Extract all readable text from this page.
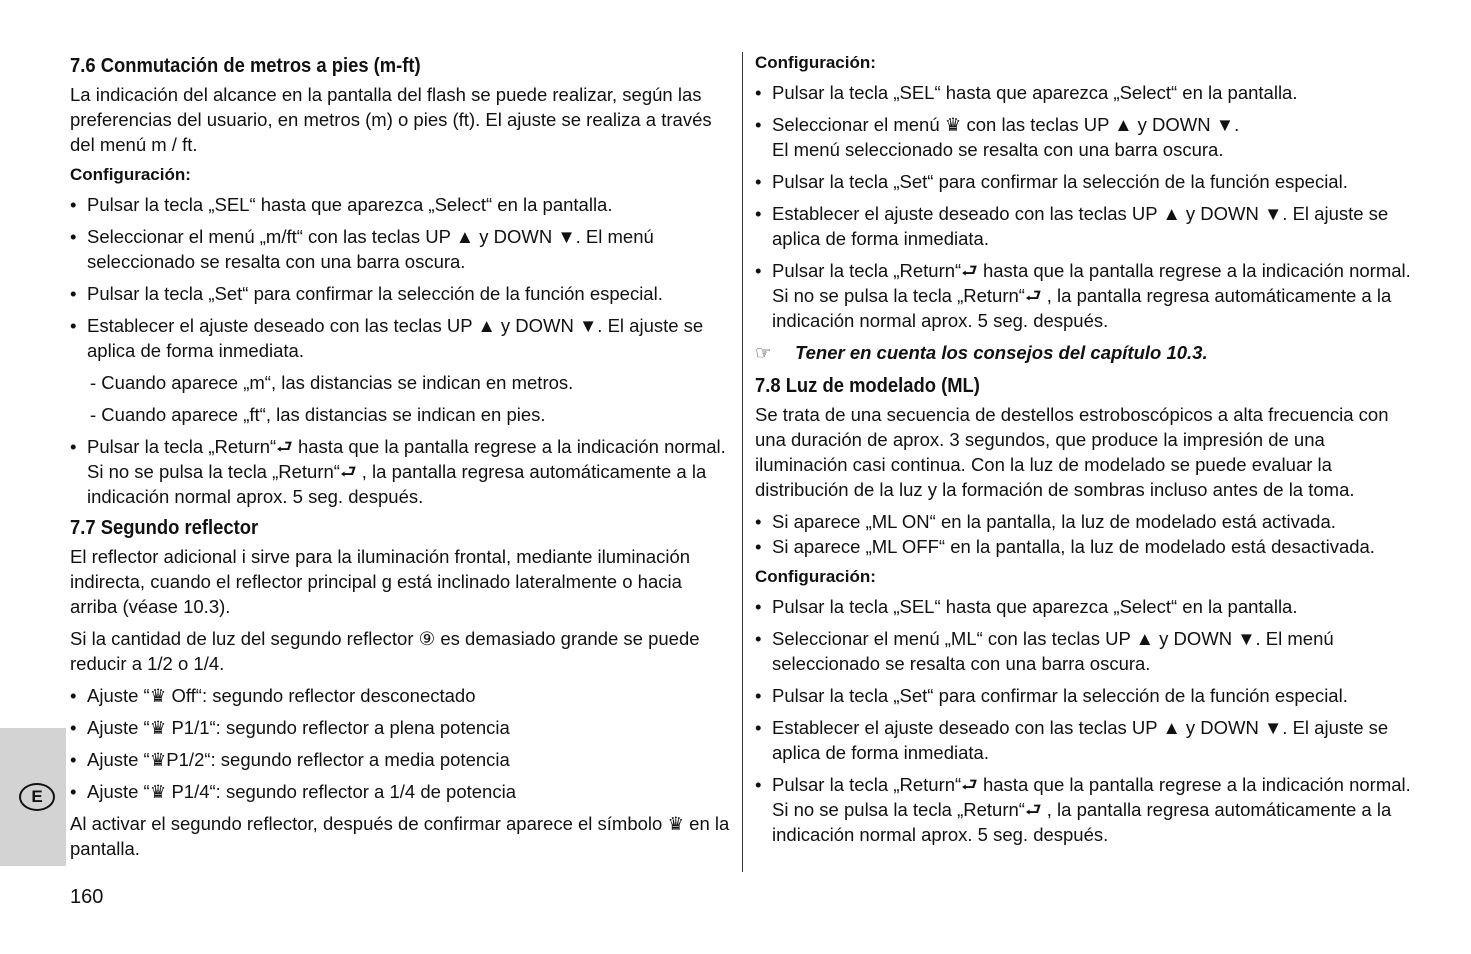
7.6 Conmutación de metros a pies (m-ft)

La indicación del alcance en la pantalla del flash se puede realizar, según las preferencias del usuario, en metros (m) o pies (ft). El ajuste se realiza a través del menú m / ft.

Configuración:
• Pulsar la tecla „SEL“ hasta que aparezca „Select“ en la pantalla.
• Seleccionar el menú „m/ft“ con las teclas UP ▲ y DOWN ▼. El menú seleccionado se resalta con una barra oscura.
• Pulsar la tecla „Set“ para confirmar la selección de la función especial.
• Establecer el ajuste deseado con las teclas UP ▲ y DOWN ▼. El ajuste se aplica de forma inmediata.
- Cuando aparece „m“, las distancias se indican en metros.
- Cuando aparece „ft“, las distancias se indican en pies.
• Pulsar la tecla „Return“⮐ hasta que la pantalla regrese a la indicación normal. Si no se pulsa la tecla „Return“⮐ , la pantalla regresa automáticamente a la indicación normal aprox. 5 seg. después.
7.7 Segundo reflector

El reflector adicional i sirve para la iluminación frontal, mediante iluminación indirecta, cuando el reflector principal g está inclinado lateralmente o hacia arriba (véase 10.3).

Si la cantidad de luz del segundo reflector ⑨ es demasiado grande se puede reducir a 1/2 o 1/4.

• Ajuste “♛ Off“: segundo reflector desconectado
• Ajuste “♛ P1/1“: segundo reflector a plena potencia
• Ajuste “♛P1/2“: segundo reflector a media potencia
• Ajuste “♛ P1/4“: segundo reflector a 1/4 de potencia

Al activar el segundo reflector, después de confirmar aparece el símbolo ♛ en la pantalla.

Configuración:
• Pulsar la tecla „SEL“ hasta que aparezca „Select“ en la pantalla.
• Seleccionar el menú ♛ con las teclas UP ▲ y DOWN ▼.
El menú seleccionado se resalta con una barra oscura.
• Pulsar la tecla „Set“ para confirmar la selección de la función especial.
• Establecer el ajuste deseado con las teclas UP ▲ y DOWN ▼. El ajuste se aplica de forma inmediata.
• Pulsar la tecla „Return“⮐ hasta que la pantalla regrese a la indicación normal. Si no se pulsa la tecla „Return“⮐ , la pantalla regresa automáticamente a la indicación normal aprox. 5 seg. después.
☞ Tener en cuenta los consejos del capítulo 10.3.
7.8 Luz de modelado (ML)

Se trata de una secuencia de destellos estroboscópicos a alta frecuencia con una duración de aprox. 3 segundos, que produce la impresión de una iluminación casi continua. Con la luz de modelado se puede evaluar la distribución de la luz y la formación de sombras incluso antes de la toma.

• Si aparece „ML ON“ en la pantalla, la luz de modelado está activada.
• Si aparece „ML OFF“ en la pantalla, la luz de modelado está desactivada.
Configuración:
• Pulsar la tecla „SEL“ hasta que aparezca „Select“ en la pantalla.
• Seleccionar el menú „ML“ con las teclas UP ▲ y DOWN ▼. El menú seleccionado se resalta con una barra oscura.
• Pulsar la tecla „Set“ para confirmar la selección de la función especial.
• Establecer el ajuste deseado con las teclas UP ▲ y DOWN ▼. El ajuste se aplica de forma inmediata.
• Pulsar la tecla „Return“⮐ hasta que la pantalla regrese a la indicación normal. Si no se pulsa la tecla „Return“⮐ , la pantalla regresa automáticamente a la indicación normal aprox. 5 seg. después.
E
160
